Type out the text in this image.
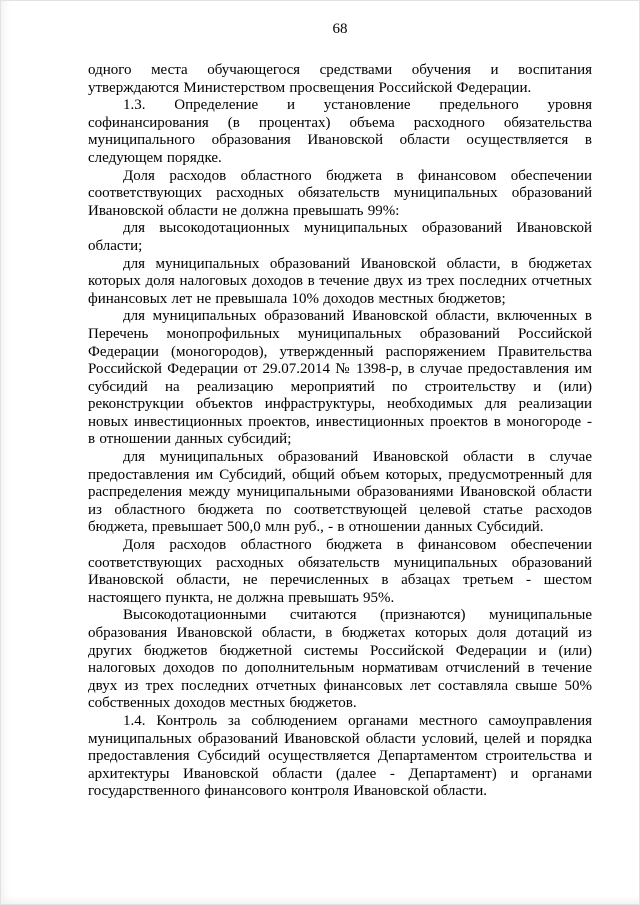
68

одного места обучающегося средствами обучения и воспитания утверждаются Министерством просвещения Российской Федерации.

1.3. Определение и установление предельного уровня софинансирования (в процентах) объема расходного обязательства муниципального образования Ивановской области осуществляется в следующем порядке.

Доля расходов областного бюджета в финансовом обеспечении соответствующих расходных обязательств муниципальных образований Ивановской области не должна превышать 99%:

для высокодотационных муниципальных образований Ивановской области;

для муниципальных образований Ивановской области, в бюджетах которых доля налоговых доходов в течение двух из трех последних отчетных финансовых лет не превышала 10% доходов местных бюджетов;

для муниципальных образований Ивановской области, включенных в Перечень монопрофильных муниципальных образований Российской Федерации (моногородов), утвержденный распоряжением Правительства Российской Федерации от 29.07.2014 № 1398-р, в случае предоставления им субсидий на реализацию мероприятий по строительству и (или) реконструкции объектов инфраструктуры, необходимых для реализации новых инвестиционных проектов, инвестиционных проектов в моногороде - в отношении данных субсидий;

для муниципальных образований Ивановской области в случае предоставления им Субсидий, общий объем которых, предусмотренный для распределения между муниципальными образованиями Ивановской области из областного бюджета по соответствующей целевой статье расходов бюджета, превышает 500,0 млн руб., - в отношении данных Субсидий.

Доля расходов областного бюджета в финансовом обеспечении соответствующих расходных обязательств муниципальных образований Ивановской области, не перечисленных в абзацах третьем - шестом настоящего пункта, не должна превышать 95%.

Высокодотационными считаются (признаются) муниципальные образования Ивановской области, в бюджетах которых доля дотаций из других бюджетов бюджетной системы Российской Федерации и (или) налоговых доходов по дополнительным нормативам отчислений в течение двух из трех последних отчетных финансовых лет составляла свыше 50% собственных доходов местных бюджетов.

1.4. Контроль за соблюдением органами местного самоуправления муниципальных образований Ивановской области условий, целей и порядка предоставления Субсидий осуществляется Департаментом строительства и архитектуры Ивановской области (далее - Департамент) и органами государственного финансового контроля Ивановской области.
